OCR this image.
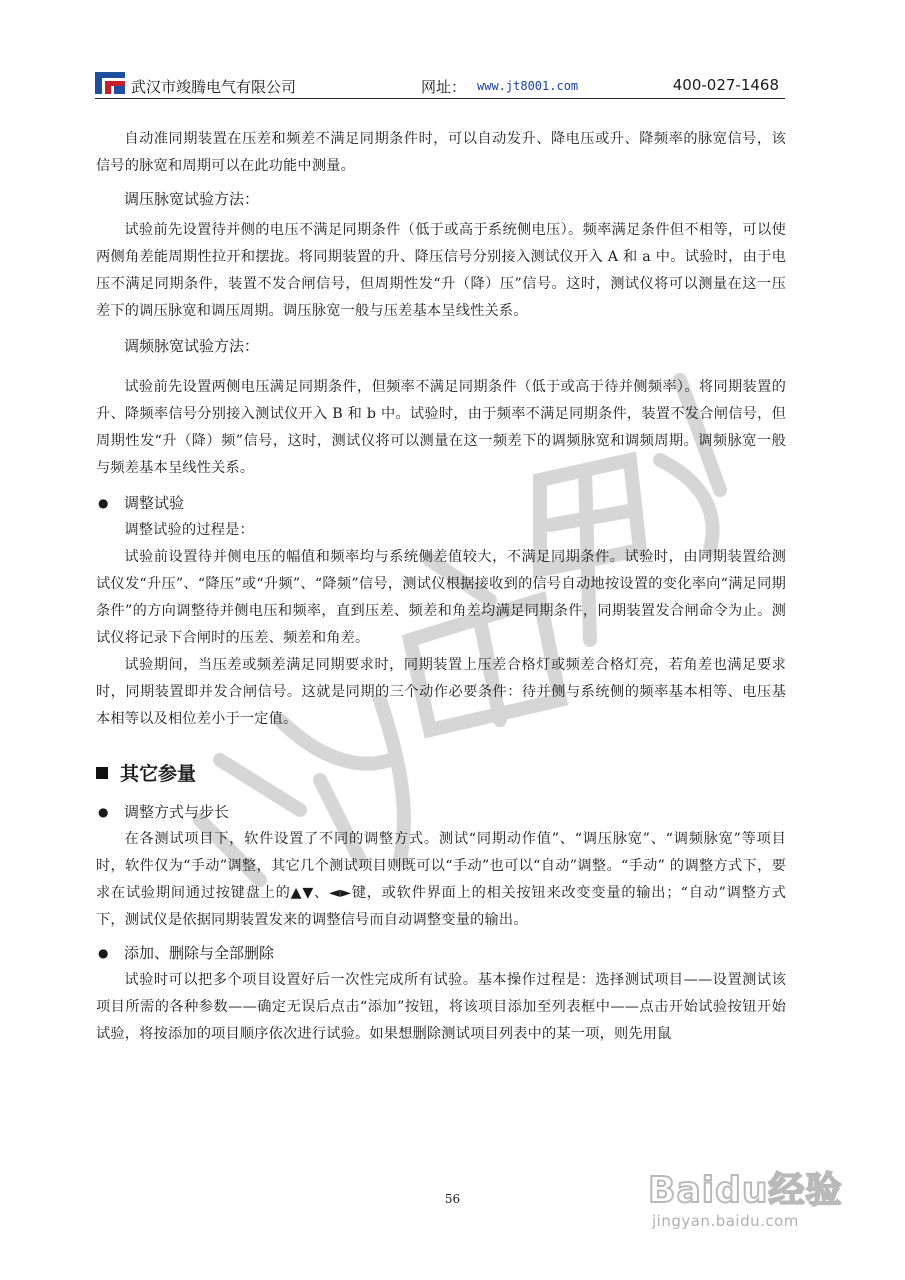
武汉市竣腾电气有限公司	网址： www.jt8001.com	400-027-1468

自动准同期装置在压差和频差不满足同期条件时，可以自动发升、降电压或升、降频率的脉宽信号，该信号的脉宽和周期可以在此功能中测量。

调压脉宽试验方法：

试验前先设置待并侧的电压不满足同期条件（低于或高于系统侧电压）。频率满足条件但不相等，可以使两侧角差能周期性拉开和摆拢。将同期装置的升、降压信号分别接入测试仪开入 A 和 a 中。试验时，由于电压不满足同期条件，装置不发合闸信号，但周期性发“升（降）压”信号。这时，测试仪将可以测量在这一压差下的调压脉宽和调压周期。调压脉宽一般与压差基本呈线性关系。

调频脉宽试验方法：

试验前先设置两侧电压满足同期条件，但频率不满足同期条件（低于或高于待并侧频率）。将同期装置的升、降频率信号分别接入测试仪开入 B 和 b 中。试验时，由于频率不满足同期条件，装置不发合闸信号，但周期性发“升（降）频”信号，这时，测试仪将可以测量在这一频差下的调频脉宽和调频周期。调频脉宽一般与频差基本呈线性关系。

● 调整试验

调整试验的过程是：

试验前设置待并侧电压的幅值和频率均与系统侧差值较大，不满足同期条件。试验时，由同期装置给测试仪发“升压”、“降压”或“升频”、“降频”信号，测试仪根据接收到的信号自动地按设置的变化率向“满足同期条件”的方向调整待并侧电压和频率，直到压差、频差和角差均满足同期条件，同期装置发合闸命令为止。测试仪将记录下合闸时的压差、频差和角差。

试验期间，当压差或频差满足同期要求时，同期装置上压差合格灯或频差合格灯亮，若角差也满足要求时，同期装置即并发合闸信号。这就是同期的三个动作必要条件：待并侧与系统侧的频率基本相等、电压基本相等以及相位差小于一定值。

其它参量

● 调整方式与步长

在各测试项目下，软件设置了不同的调整方式。测试“同期动作值”、“调压脉宽”、“调频脉宽”等项目时，软件仅为“手动”调整，其它几个测试项目则既可以“手动”也可以“自动”调整。“手动” 的调整方式下，要求在试验期间通过按键盘上的▲▼、◄►键，或软件界面上的相关按钮来改变变量的输出；“自动”调整方式下，测试仪是依据同期装置发来的调整信号而自动调整变量的输出。

● 添加、删除与全部删除

试验时可以把多个项目设置好后一次性完成所有试验。基本操作过程是：选择测试项目——设置测试该项目所需的各种参数——确定无误后点击“添加”按钮，将该项目添加至列表框中——点击开始试验按钮开始试验，将按添加的项目顺序依次进行试验。如果想删除测试项目列表中的某一项，则先用鼠

56	Baidu经验
jingyan.baidu.com
